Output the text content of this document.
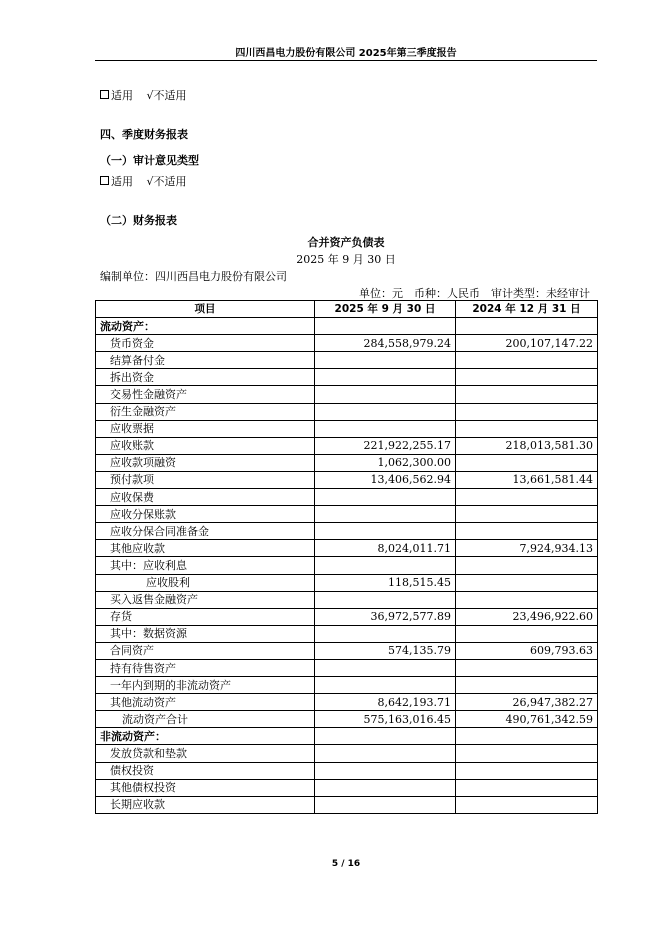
四川西昌电力股份有限公司 2025年第三季度报告
适用 √不适用
四、季度财务报表
（一）审计意见类型
适用 √不适用
（二）财务报表
合并资产负债表
2025 年 9 月 30 日
编制单位：四川西昌电力股份有限公司
单位：元　币种：人民币　审计类型：未经审计
项目	2025 年 9 月 30 日	2024 年 12 月 31 日
流动资产：		
货币资金	284,558,979.24	200,107,147.22
结算备付金		
拆出资金		
交易性金融资产		
衍生金融资产		
应收票据		
应收账款	221,922,255.17	218,013,581.30
应收款项融资	1,062,300.00	
预付款项	13,406,562.94	13,661,581.44
应收保费		
应收分保账款		
应收分保合同准备金		
其他应收款	8,024,011.71	7,924,934.13
其中：应收利息		
应收股利	118,515.45	
买入返售金融资产		
存货	36,972,577.89	23,496,922.60
其中：数据资源		
合同资产	574,135.79	609,793.63
持有待售资产		
一年内到期的非流动资产		
其他流动资产	8,642,193.71	26,947,382.27
流动资产合计	575,163,016.45	490,761,342.59
非流动资产：		
发放贷款和垫款		
债权投资		
其他债权投资		
长期应收款		
5 / 16
